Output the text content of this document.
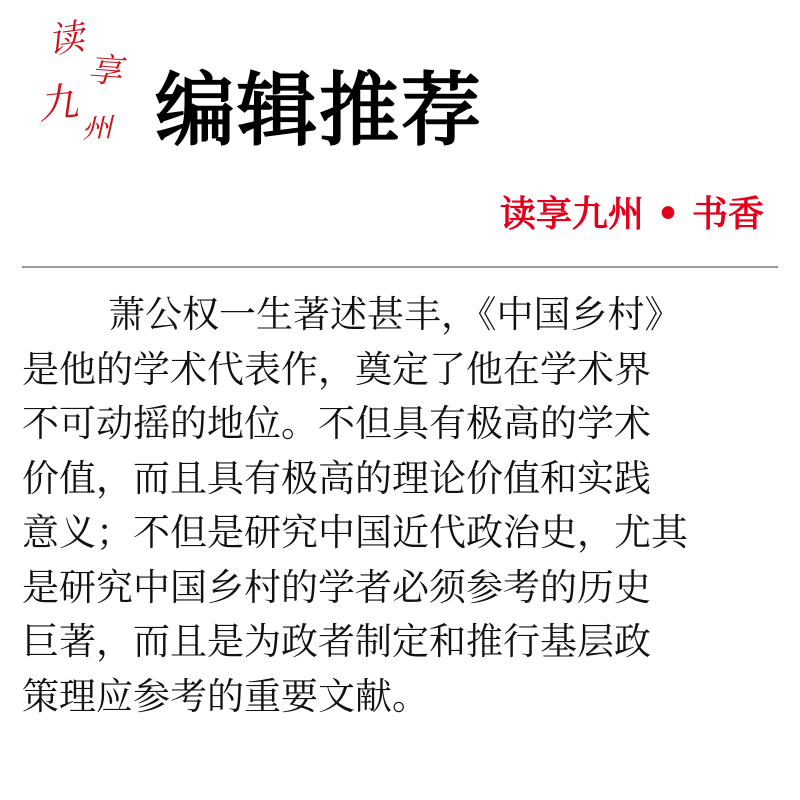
读
享
九
州 编辑推荐
读享九州 • 书香
萧公权一生著述甚丰，《中国乡村》
是他的学术代表作，奠定了他在学术界
不可动摇的地位。不但具有极高的学术
价值，而且具有极高的理论价值和实践
意义；不但是研究中国近代政治史，尤其
是研究中国乡村的学者必须参考的历史
巨著，而且是为政者制定和推行基层政
策理应参考的重要文献。
